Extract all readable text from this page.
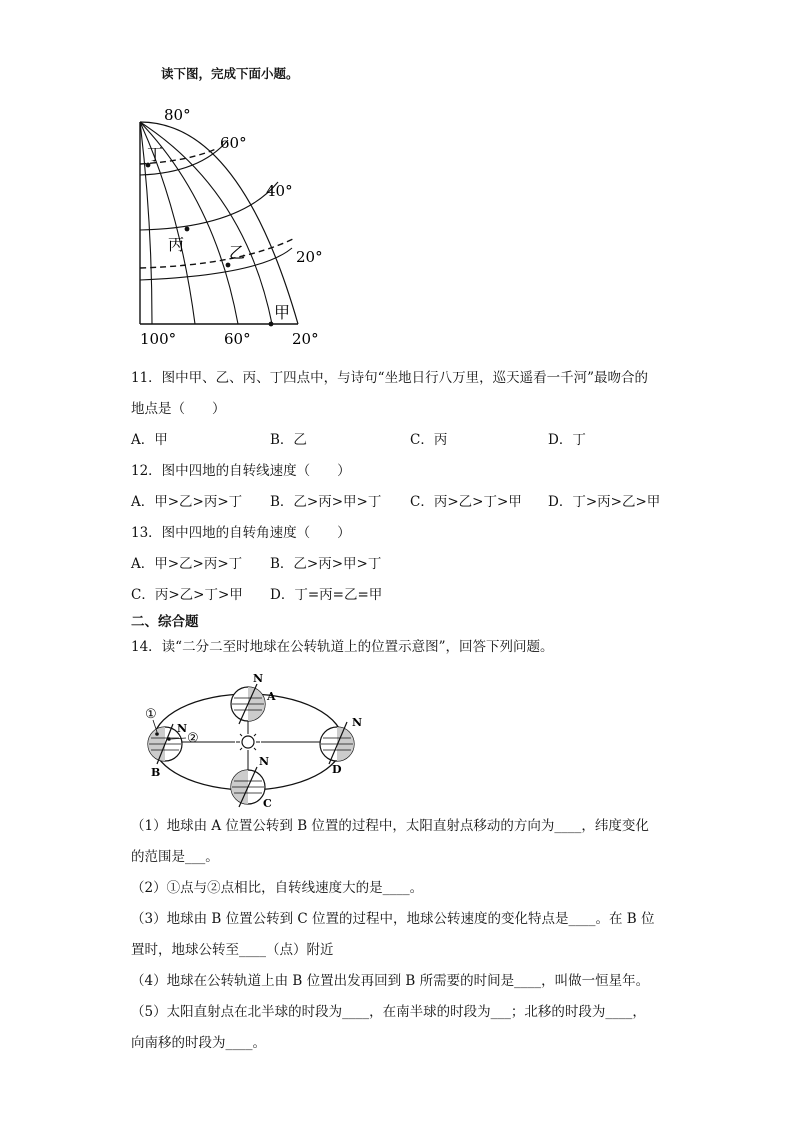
读下图，完成下面小题。
80°
60°
40°
20°
100°	60°	20°
丁
丙	乙
甲
11．图中甲、乙、丙、丁四点中，与诗句“坐地日行八万里，巡天遥看一千河”最吻合的
地点是（　　）
A．甲	B．乙	C．丙	D．丁
12．图中四地的自转线速度（　　）
A．甲>乙>丙>丁 B．乙>丙>甲>丁 C．丙>乙>丁>甲 D．丁>丙>乙>甲
13．图中四地的自转角速度（　　）
A．甲>乙>丙>丁 B．乙>丙>甲>丁
C．丙>乙>丁>甲 D．丁=丙=乙=甲
二、综合题
14．读“二分二至时地球在公转轨道上的位置示意图”，回答下列问题。
N
A
N
B
N
C
N
D
①
②
（1）地球由 A 位置公转到 B 位置的过程中，太阳直射点移动的方向为____，纬度变化
的范围是___。
（2）①点与②点相比，自转线速度大的是____。
（3）地球由 B 位置公转到 C 位置的过程中，地球公转速度的变化特点是____。在 B 位
置时，地球公转至____（点）附近
（4）地球在公转轨道上由 B 位置出发再回到 B 所需要的时间是____，叫做一恒星年。
（5）太阳直射点在北半球的时段为____，在南半球的时段为___；北移的时段为____，
向南移的时段为____。
